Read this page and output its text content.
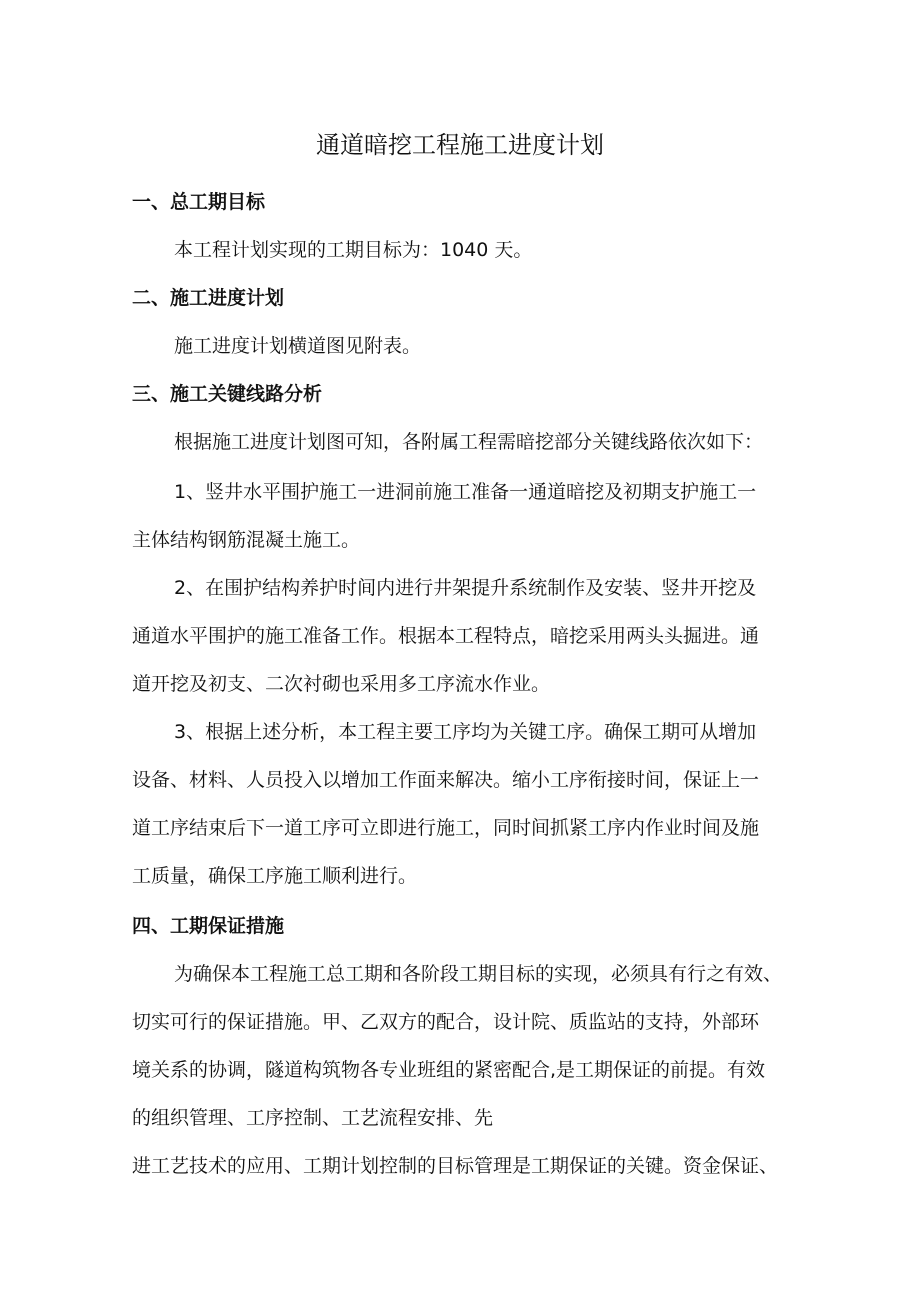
通道暗挖工程施工进度计划
一、总工期目标
本工程计划实现的工期目标为：1040 天。
二、施工进度计划
施工进度计划横道图见附表。
三、施工关键线路分析
根据施工进度计划图可知，各附属工程需暗挖部分关键线路依次如下：
1、竖井水平围护施工一进洞前施工准备一通道暗挖及初期支护施工一
主体结构钢筋混凝土施工。
2、在围护结构养护时间内进行井架提升系统制作及安装、竖井开挖及
通道水平围护的施工准备工作。根据本工程特点，暗挖采用两头头掘进。通
道开挖及初支、二次衬砌也采用多工序流水作业。
3、根据上述分析，本工程主要工序均为关键工序。确保工期可从增加
设备、材料、人员投入以增加工作面来解决。缩小工序衔接时间，保证上一
道工序结束后下一道工序可立即进行施工，同时间抓紧工序内作业时间及施
工质量，确保工序施工顺利进行。
四、工期保证措施
为确保本工程施工总工期和各阶段工期目标的实现，必须具有行之有效、
切实可行的保证措施。甲、乙双方的配合，设计院、质监站的支持，外部环
境关系的协调，隧道构筑物各专业班组的紧密配合,是工期保证的前提。有效
的组织管理、工序控制、工艺流程安排、先
进工艺技术的应用、工期计划控制的目标管理是工期保证的关键。资金保证、
